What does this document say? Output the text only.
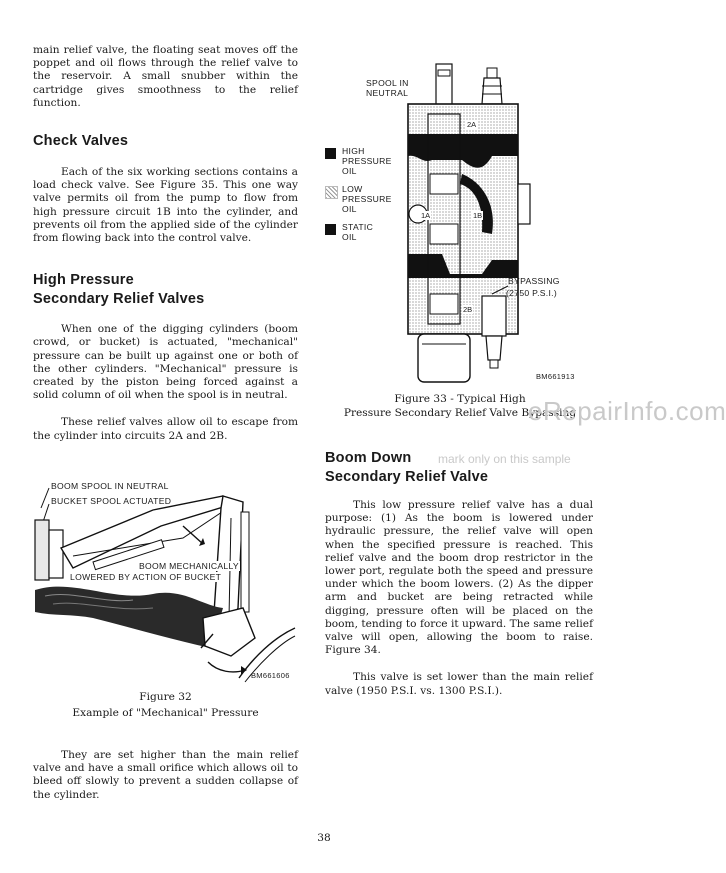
main relief valve, the floating seat moves off the poppet and oil flows through the relief valve to the reservoir. A small snubber within the cartridge gives smoothness to the relief function.

Check Valves

Each of the six working sections contains a load check valve. See Figure 35. This one way valve permits oil from the pump to flow from high pressure circuit 1B into the cylinder, and prevents oil from the applied side of the cylinder from flowing back into the control valve.

High Pressure
Secondary Relief Valves

When one of the digging cylinders (boom crowd, or bucket) is actuated, "mechanical" pressure can be built up against one or both of the other cylinders. "Mechanical" pressure is created by the piston being forced against a solid column of oil when the spool is in neutral.

These relief valves allow oil to escape from the cylinder into circuits 2A and 2B.

BOOM SPOOL IN NEUTRAL
BUCKET SPOOL ACTUATED
BOOM MECHANICALLY
LOWERED BY ACTION OF BUCKET
BM661606
Figure 32
Example of "Mechanical" Pressure

They are set higher than the main relief valve and have a small orifice which allows oil to bleed off slowly to prevent a sudden collapse of the cylinder.

SPOOL IN
NEUTRAL
HIGH
PRESSURE
OIL
LOW
PRESSURE
OIL
STATIC
OIL
2A
1A	1B
2B
BYPASSING
(2750 P.S.I.)
BM661913
Figure 33 - Typical High
Pressure Secondary Relief Valve Bypassing
eRepairInfo.com
mark only on this sample
Boom Down
Secondary Relief Valve

This low pressure relief valve has a dual purpose: (1) As the boom is lowered under hydraulic pressure, the relief valve will open when the specified pressure is reached. This relief valve and the boom drop restrictor in the lower port, regulate both the speed and pressure under which the boom lowers. (2) As the dipper arm and bucket are being retracted while digging, pressure often will be placed on the boom, tending to force it upward. The same relief valve will open, allowing the boom to raise. Figure 34.

This valve is set lower than the main relief valve (1950 P.S.I. vs. 1300 P.S.I.).

38
